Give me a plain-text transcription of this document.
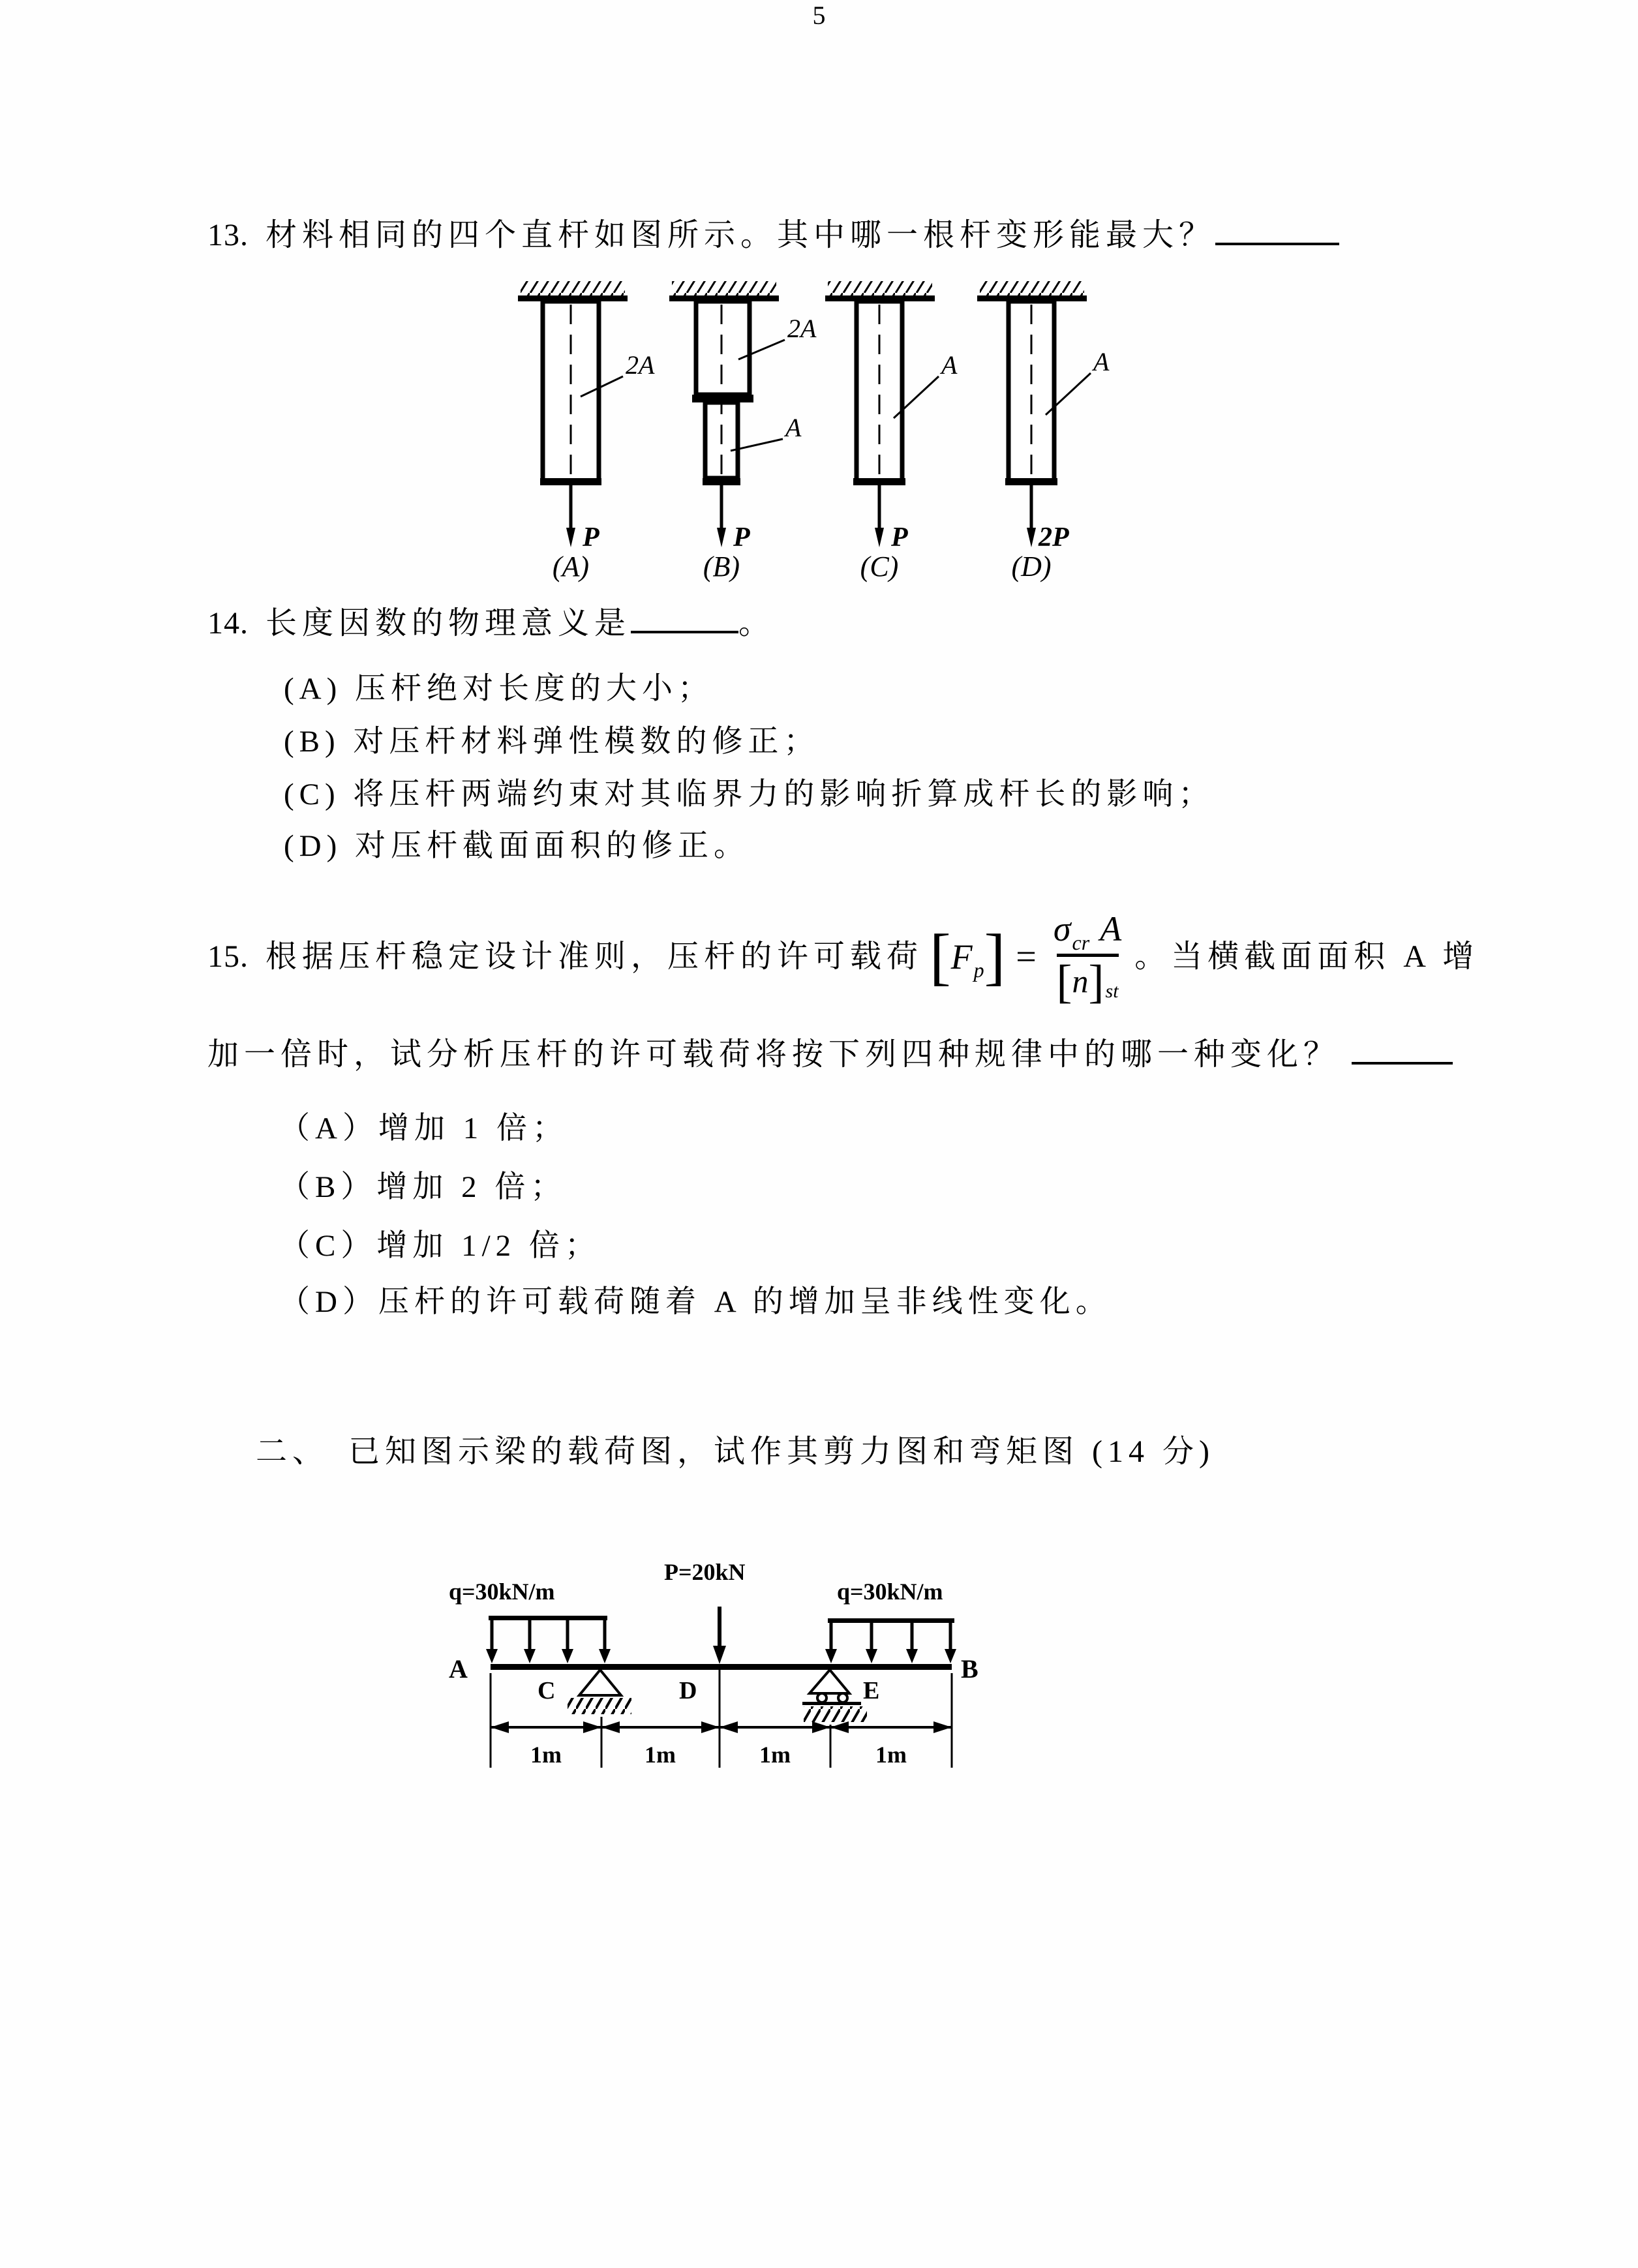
13. 材料相同的四个直杆如图所示。其中哪一根杆变形能最大？
P
2A
(A)
P
2A
A
(B)
P
A
(C)
2P
A
(D)
14. 长度因数的物理意义是	。
(A) 压杆绝对长度的大小；
(B) 对压杆材料弹性模数的修正；
(C) 将压杆两端约束对其临界力的影响折算成杆长的影响；
(D) 对压杆截面面积的修正。
15. 根据压杆稳定设计准则，压杆的许可载荷 [ F p ] = $\frac{\text{σ cr A}}{[ n ] st}$ 。当横截面面积 A 增
加一倍时，试分析压杆的许可载荷将按下列四种规律中的哪一种变化？
（A）增加 1 倍；
（B）增加 2 倍；
（C）增加 1/2 倍；
（D）压杆的许可载荷随着 A 的增加呈非线性变化。
二、 已知图示梁的载荷图，试作其剪力图和弯矩图 (14 分)
A	B
q=30kN/m
P=20kN
q=30kN/m
C	D	E
1m	1m	1m	1m
5
